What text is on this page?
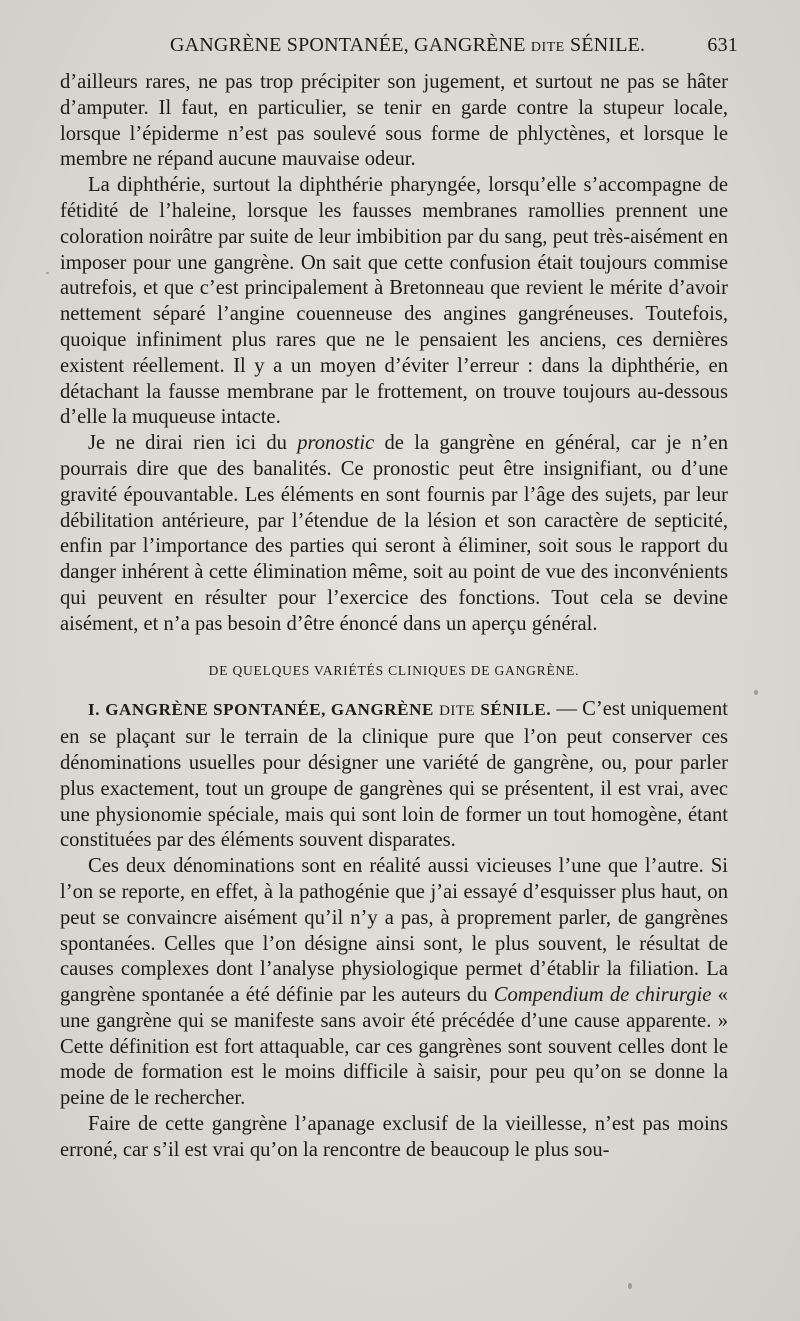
GANGRÈNE SPONTANÉE, GANGRÈNE DITE SÉNILE.	631

d’ailleurs rares, ne pas trop précipiter son jugement, et surtout ne pas se hâter d’amputer. Il faut, en particulier, se tenir en garde contre la stupeur locale, lorsque l’épiderme n’est pas soulevé sous forme de phlyctènes, et lorsque le membre ne répand aucune mauvaise odeur.

La diphthérie, surtout la diphthérie pharyngée, lorsqu’elle s’accompagne de fétidité de l’haleine, lorsque les fausses membranes ramollies prennent une coloration noirâtre par suite de leur imbibition par du sang, peut très-aisément en imposer pour une gangrène. On sait que cette confusion était toujours commise autrefois, et que c’est principalement à Bretonneau que revient le mérite d’avoir nettement séparé l’angine couenneuse des angines gangréneuses. Toutefois, quoique infiniment plus rares que ne le pensaient les anciens, ces dernières existent réellement. Il y a un moyen d’éviter l’erreur : dans la diphthérie, en détachant la fausse membrane par le frottement, on trouve toujours au-dessous d’elle la muqueuse intacte.

Je ne dirai rien ici du pronostic de la gangrène en général, car je n’en pourrais dire que des banalités. Ce pronostic peut être insignifiant, ou d’une gravité épouvantable. Les éléments en sont fournis par l’âge des sujets, par leur débilitation antérieure, par l’étendue de la lésion et son caractère de septicité, enfin par l’importance des parties qui seront à éliminer, soit sous le rapport du danger inhérent à cette élimination même, soit au point de vue des inconvénients qui peuvent en résulter pour l’exercice des fonctions. Tout cela se devine aisément, et n’a pas besoin d’être énoncé dans un aperçu général.

DE QUELQUES VARIÉTÉS CLINIQUES DE GANGRÈNE.

I. GANGRÈNE SPONTANÉE, GANGRÈNE DITE SÉNILE. — C’est uniquement en se plaçant sur le terrain de la clinique pure que l’on peut conserver ces dénominations usuelles pour désigner une variété de gangrène, ou, pour parler plus exactement, tout un groupe de gangrènes qui se présentent, il est vrai, avec une physionomie spéciale, mais qui sont loin de former un tout homogène, étant constituées par des éléments souvent disparates.

Ces deux dénominations sont en réalité aussi vicieuses l’une que l’autre. Si l’on se reporte, en effet, à la pathogénie que j’ai essayé d’esquisser plus haut, on peut se convaincre aisément qu’il n’y a pas, à proprement parler, de gangrènes spontanées. Celles que l’on désigne ainsi sont, le plus souvent, le résultat de causes complexes dont l’analyse physiologique permet d’établir la filiation. La gangrène spontanée a été définie par les auteurs du Compendium de chirurgie « une gangrène qui se manifeste sans avoir été précédée d’une cause apparente. » Cette définition est fort attaquable, car ces gangrènes sont souvent celles dont le mode de formation est le moins difficile à saisir, pour peu qu’on se donne la peine de le rechercher.

Faire de cette gangrène l’apanage exclusif de la vieillesse, n’est pas moins erroné, car s’il est vrai qu’on la rencontre de beaucoup le plus sou-
